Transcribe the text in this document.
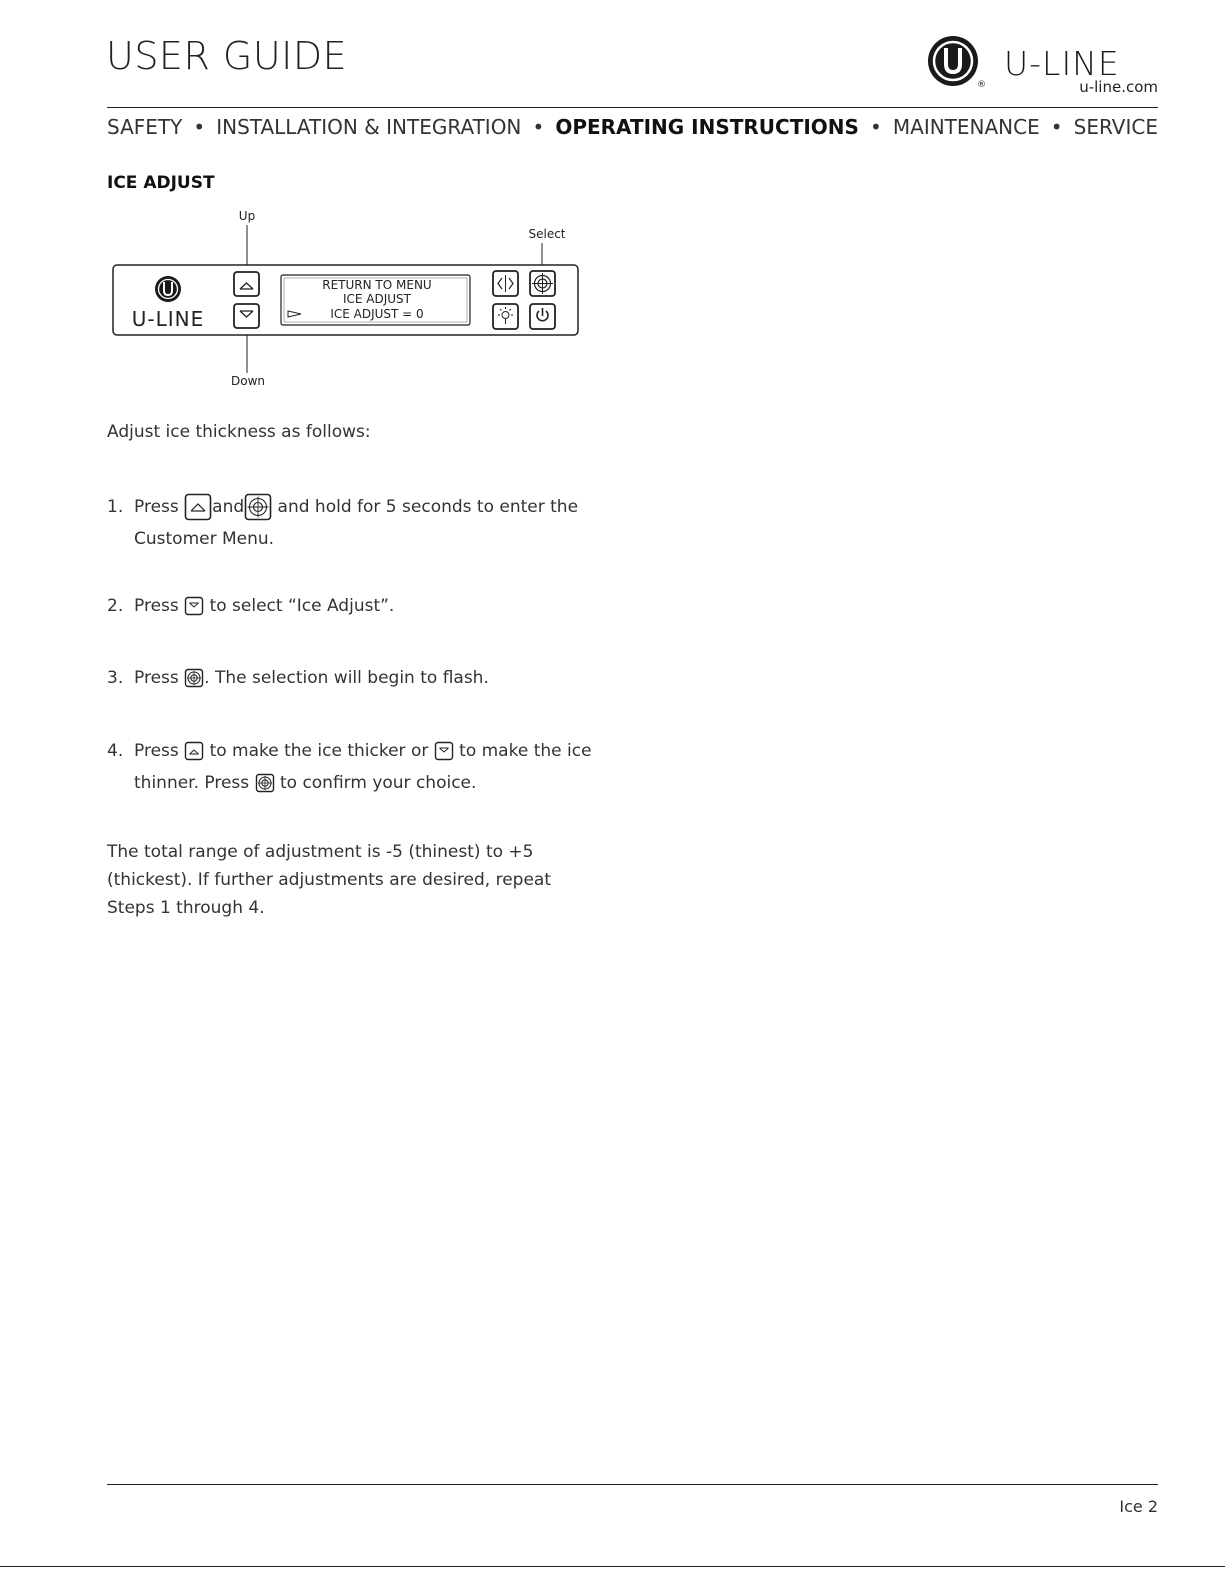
USER GUIDE
®
U-LINE
u-line.com
SAFETY • INSTALLATION & INTEGRATION • OPERATING INSTRUCTIONS • MAINTENANCE • SERVICE
ICE ADJUST
Up
Select
Down
U-LINE
RETURN TO MENU
ICE ADJUST
ICE ADJUST = 0
Adjust ice thickness as follows:
1. Press and and hold for 5 seconds to enter the
Customer Menu.
2. Press to select “Ice Adjust”.
3. Press . The selection will begin to flash.
4. Press to make the ice thicker or to make the ice
thinner. Press to confirm your choice.
The total range of adjustment is -5 (thinest) to +5
(thickest). If further adjustments are desired, repeat
Steps 1 through 4.
Ice 2
